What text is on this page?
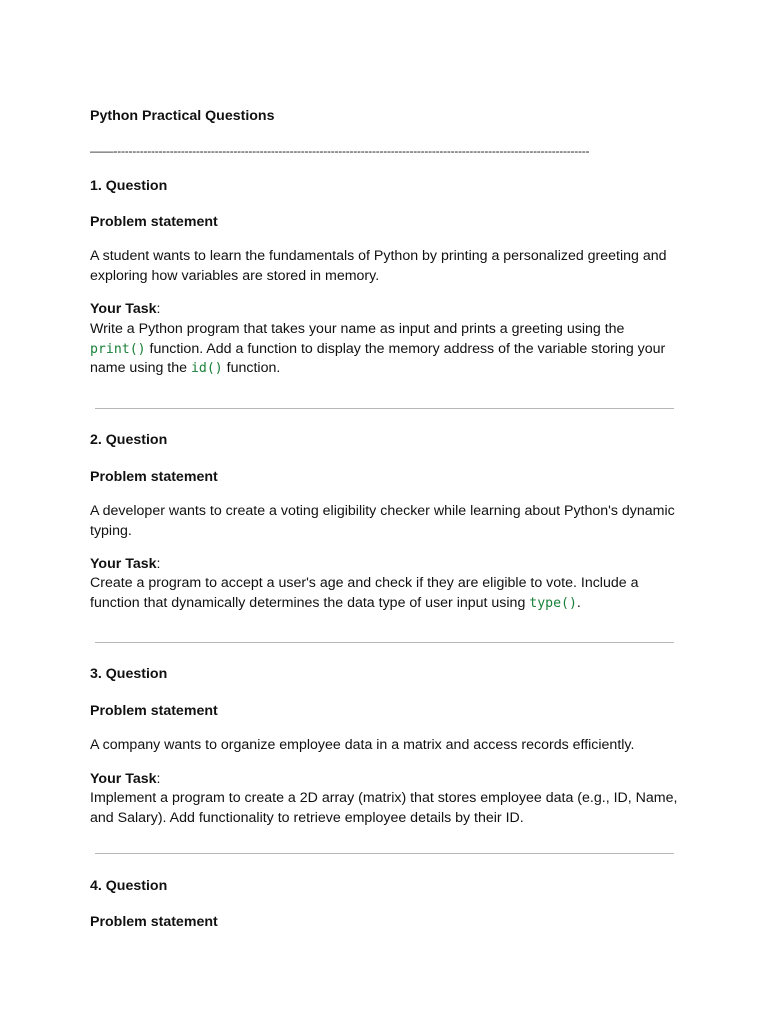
Python Practical Questions
——-------------------------------------------------------------------------------------------------------------------------------
1. Question
Problem statement
A student wants to learn the fundamentals of Python by printing a personalized greeting and exploring how variables are stored in memory.
Your Task:
Write a Python program that takes your name as input and prints a greeting using the print() function. Add a function to display the memory address of the variable storing your name using the id() function.
2. Question
Problem statement
A developer wants to create a voting eligibility checker while learning about Python's dynamic typing.
Your Task:
Create a program to accept a user's age and check if they are eligible to vote. Include a function that dynamically determines the data type of user input using type().
3. Question
Problem statement
A company wants to organize employee data in a matrix and access records efficiently.
Your Task:
Implement a program to create a 2D array (matrix) that stores employee data (e.g., ID, Name, and Salary). Add functionality to retrieve employee details by their ID.
4. Question
Problem statement
